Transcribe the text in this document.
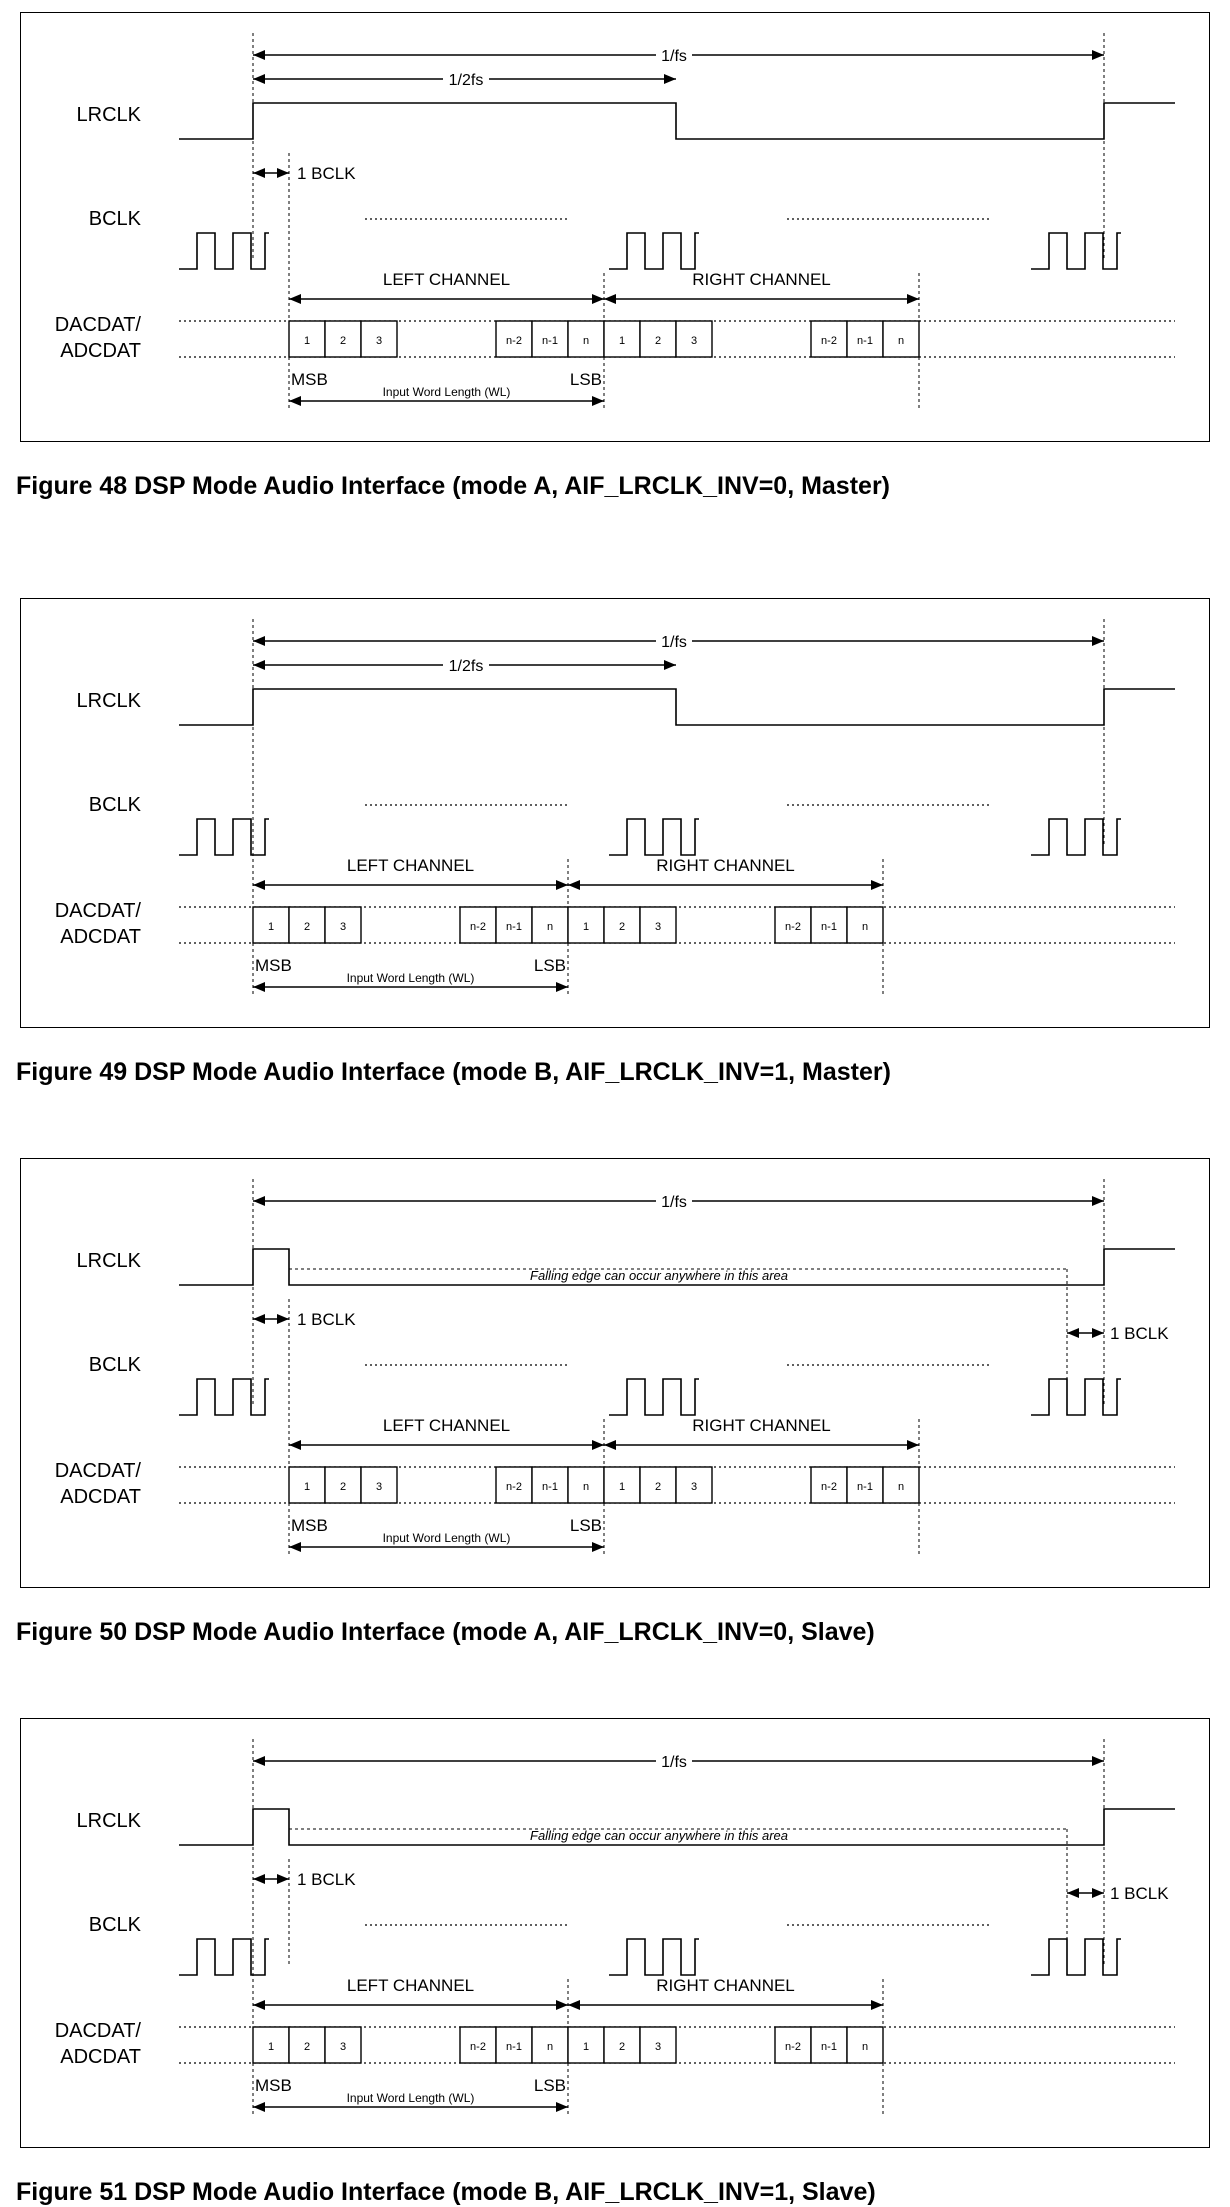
LRCLK
BCLK
DACDAT/
ADCDAT
1/fs
1/2fs
1 BCLK
LEFT CHANNEL	RIGHT CHANNEL
1	2	3	n-2 n-1 n	1	2	3	n-2 n-1 n
MSB	LSB
Input Word Length (WL)
Figure 48 DSP Mode Audio Interface (mode A, AIF_LRCLK_INV=0, Master)
LRCLK
BCLK
DACDAT/
ADCDAT
1/fs
1/2fs
LEFT CHANNEL	RIGHT CHANNEL
1	2	3	n-2 n-1 n	1	2	3	n-2 n-1 n
MSB	LSB
Input Word Length (WL)
Figure 49 DSP Mode Audio Interface (mode B, AIF_LRCLK_INV=1, Master)
LRCLK
BCLK
DACDAT/
ADCDAT
1/fs
Falling edge can occur anywhere in this area
1 BCLK
1 BCLK
LEFT CHANNEL	RIGHT CHANNEL
1	2	3	n-2 n-1 n	1	2	3	n-2 n-1 n
MSB	LSB
Input Word Length (WL)
Figure 50 DSP Mode Audio Interface (mode A, AIF_LRCLK_INV=0, Slave)
LRCLK
BCLK
DACDAT/
ADCDAT
1/fs
Falling edge can occur anywhere in this area
1 BCLK
1 BCLK
LEFT CHANNEL	RIGHT CHANNEL
1	2	3	n-2 n-1 n	1	2	3	n-2 n-1 n
MSB	LSB
Input Word Length (WL)
Figure 51 DSP Mode Audio Interface (mode B, AIF_LRCLK_INV=1, Slave)
